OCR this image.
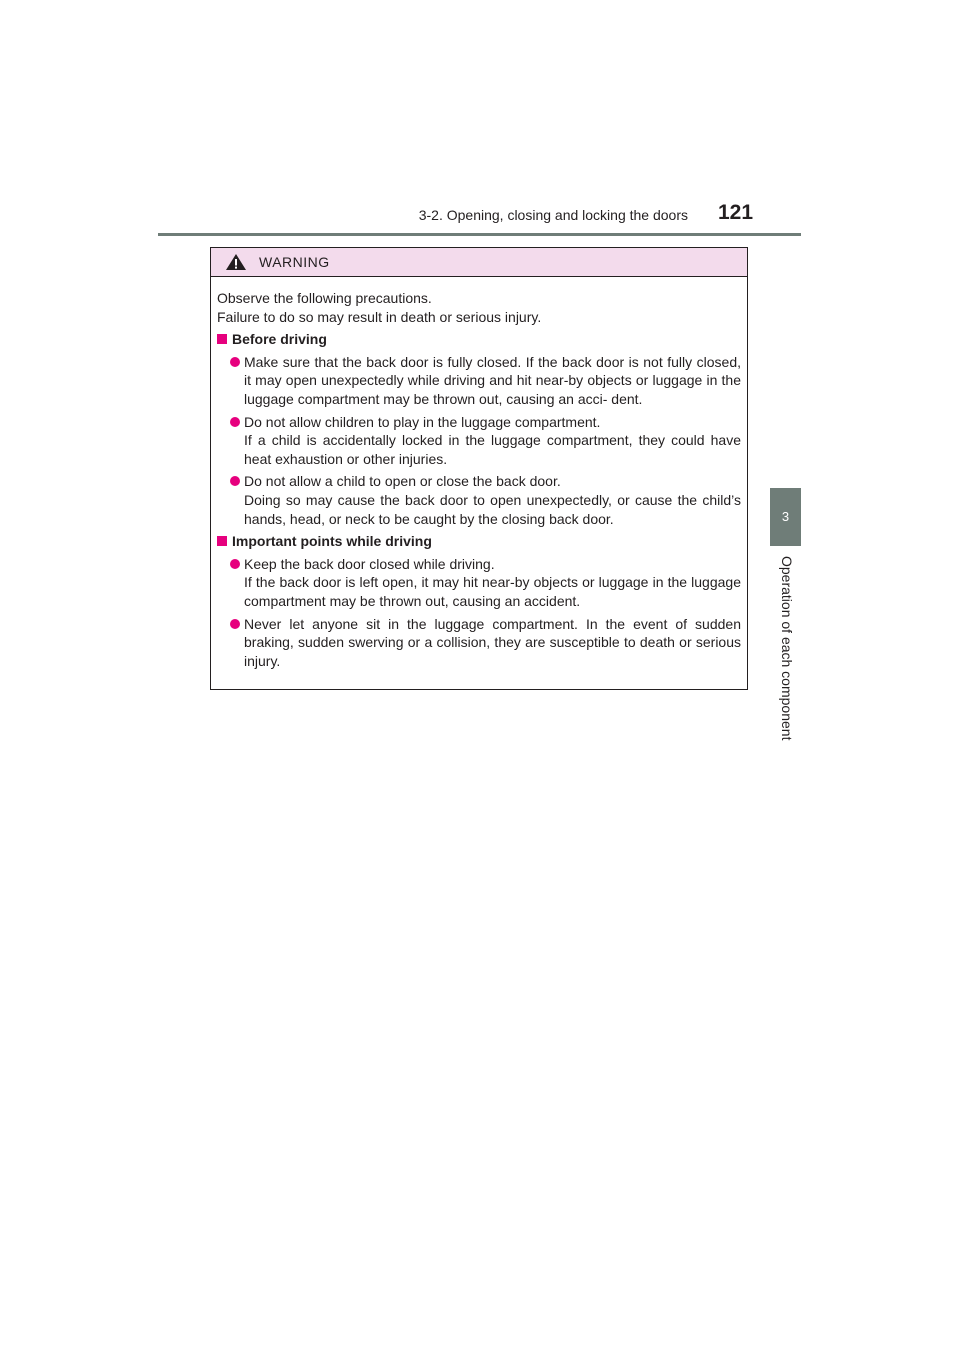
3-2. Opening, closing and locking the doors 121
3
Operation of each component
WARNING

Observe the following precautions.

Failure to do so may result in death or serious injury.

Before driving

Make sure that the back door is fully closed. If the back door is not fully closed, it may open unexpectedly while driving and hit near-by objects or luggage in the luggage compartment may be thrown out, causing an acci- dent.

Do not allow children to play in the luggage compartment.

If a child is accidentally locked in the luggage compartment, they could have heat exhaustion or other injuries.

Do not allow a child to open or close the back door.

Doing so may cause the back door to open unexpectedly, or cause the child’s hands, head, or neck to be caught by the closing back door.

Important points while driving

Keep the back door closed while driving.

If the back door is left open, it may hit near-by objects or luggage in the luggage compartment may be thrown out, causing an accident.

Never let anyone sit in the luggage compartment. In the event of sudden braking, sudden swerving or a collision, they are susceptible to death or serious injury.
